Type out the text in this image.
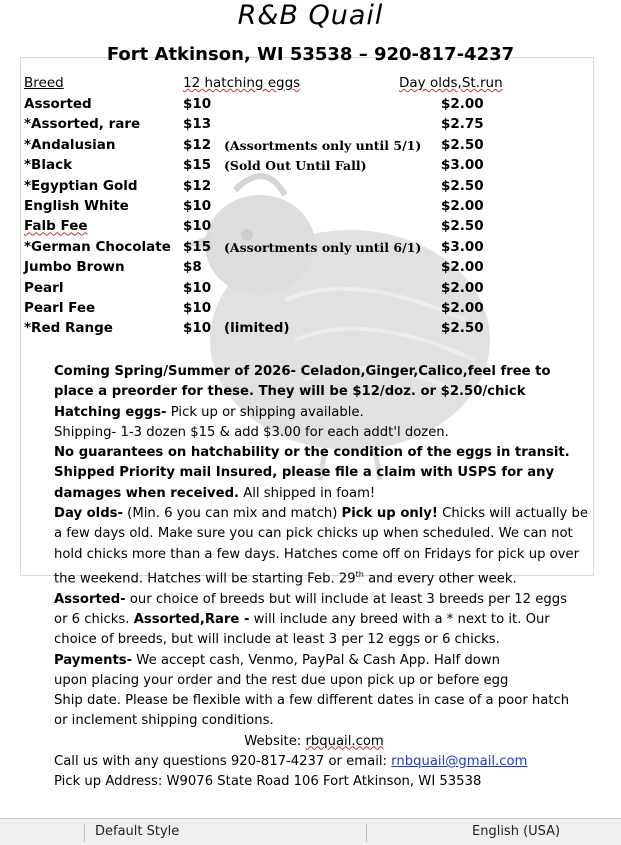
R&B Quail
Fort Atkinson, WI 53538 – 920-817-4237
Breed	12 hatching eggs	Day olds,St.run
Assorted	$10	$2.00
*Assorted, rare	$13	$2.75
*Andalusian	$12 (Assortments only until 5/1) $2.50
*Black	$15 (Sold Out Until Fall)	$3.00
*Egyptian Gold	$12	$2.50
English White	$10	$2.00
Falb Fee	$10	$2.50
*German Chocolate $15 (Assortments only until 6/1) $3.00
Jumbo Brown	$8	$2.00
Pearl	$10	$2.00
Pearl Fee	$10	$2.00
*Red Range	$10 (limited)	$2.50

Coming Spring/Summer of 2026- Celadon,Ginger,Calico,feel free to

place a preorder for these. They will be $12/doz. or $2.50/chick

Hatching eggs- Pick up or shipping available.

Shipping- 1-3 dozen $15 & add $3.00 for each addt'l dozen.

No guarantees on hatchability or the condition of the eggs in transit.

Shipped Priority mail Insured, please file a claim with USPS for any

damages when received. All shipped in foam!

Day olds- (Min. 6 you can mix and match) Pick up only! Chicks will actually be

a few days old. Make sure you can pick chicks up when scheduled. We can not

hold chicks more than a few days. Hatches come off on Fridays for pick up over

the weekend. Hatches will be starting Feb. 29th and every other week.

Assorted- our choice of breeds but will include at least 3 breeds per 12 eggs

or 6 chicks. Assorted,Rare - will include any breed with a * next to it. Our

choice of breeds, but will include at least 3 per 12 eggs or 6 chicks.

Payments- We accept cash, Venmo, PayPal & Cash App. Half down

upon placing your order and the rest due upon pick up or before egg

Ship date. Please be flexible with a few different dates in case of a poor hatch

or inclement shipping conditions.

Website: rbquail.com

Call us with any questions 920-817-4237 or email: rnbquail@gmail.com

Pick up Address: W9076 State Road 106 Fort Atkinson, WI 53538

Default Style	English (USA)
